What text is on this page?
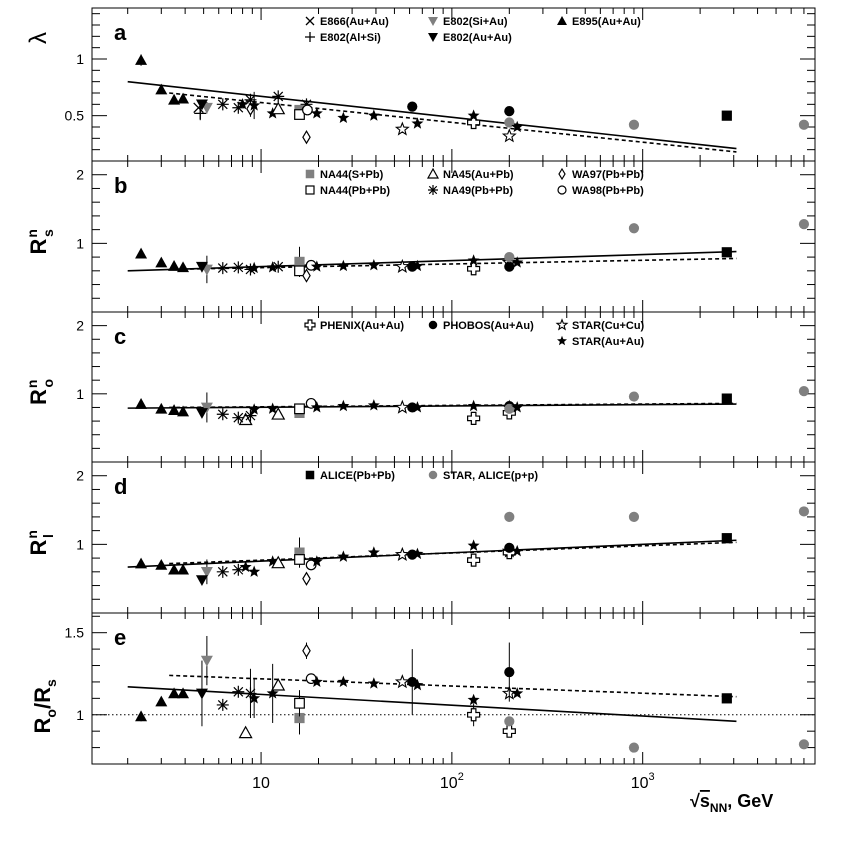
0.5
1
a
λ
E866(Au+Au)
E802(Al+Si)
E802(Si+Au)
E802(Au+Au)
E895(Au+Au)
1
2 b
$R^ns$
NA44(S+Pb)
NA44(Pb+Pb)
NA45(Au+Pb)
NA49(Pb+Pb)
WA97(Pb+Pb)
WA98(Pb+Pb)
1
2 c
$R^no$
PHENIX(Au+Au)	PHOBOS(Au+Au)	STAR(Cu+Cu)
STAR(Au+Au)
1
2 d
$R^nl$
ALICE(Pb+Pb)	STAR, ALICE(p+p)
1
1.5 e
$R_o/R_s$
10	$10^2$	$10^3$
$√s_{NN}$, GeV
